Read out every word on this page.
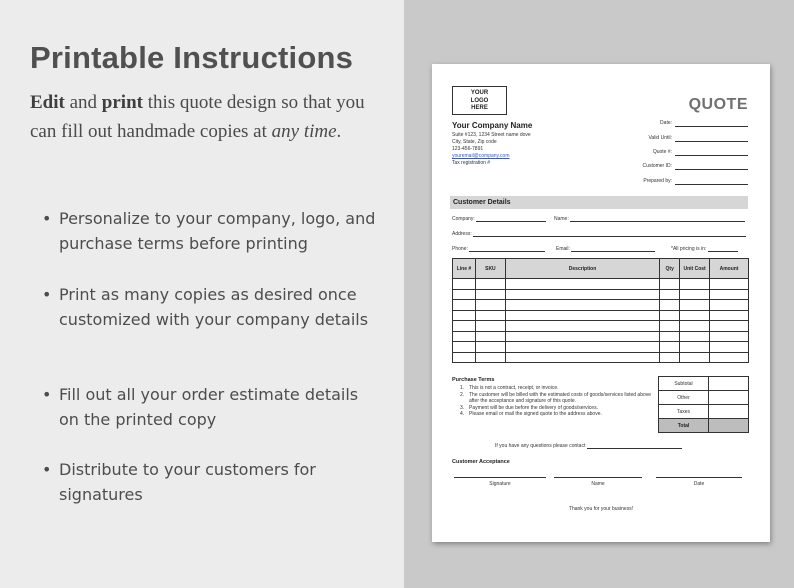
Printable Instructions

Edit and print this quote design so that you can fill out handmade copies at any time.

• Personalize to your company, logo, and purchase terms before printing
• Print as many copies as desired once customized with your company details
• Fill out all your order estimate details on the printed copy
• Distribute to your customers for signatures
YOUR
LOGO
HERE	QUOTE
Your Company Name
Suite #123, 1234 Street name dove
City, State, Zip code
123-456-7891
youremail@company.com
Tax registration #
Date:
Valid Until:
Quote #:
Customer ID:
Prepared by:
Customer Details
Company:	Name:
Address:
Phone:	Email:	*All pricing is in:
Line #	SKU	Description	Qty	Unit Cost	Amount

Purchase Terms
1. This is not a contract, receipt, or invoice.
2. The customer will be billed with the estimated costs of goods/services listed above after the acceptance and signature of this quote.
3. Payment will be due before the delivery of goods/services.
4. Please email or mail the signed quote to the address above.
Subtotal	
Other	
Taxes	
Total	
If you have any questions please contact
Customer Acceptance
Signature	Name	Date
Thank you for your business!
